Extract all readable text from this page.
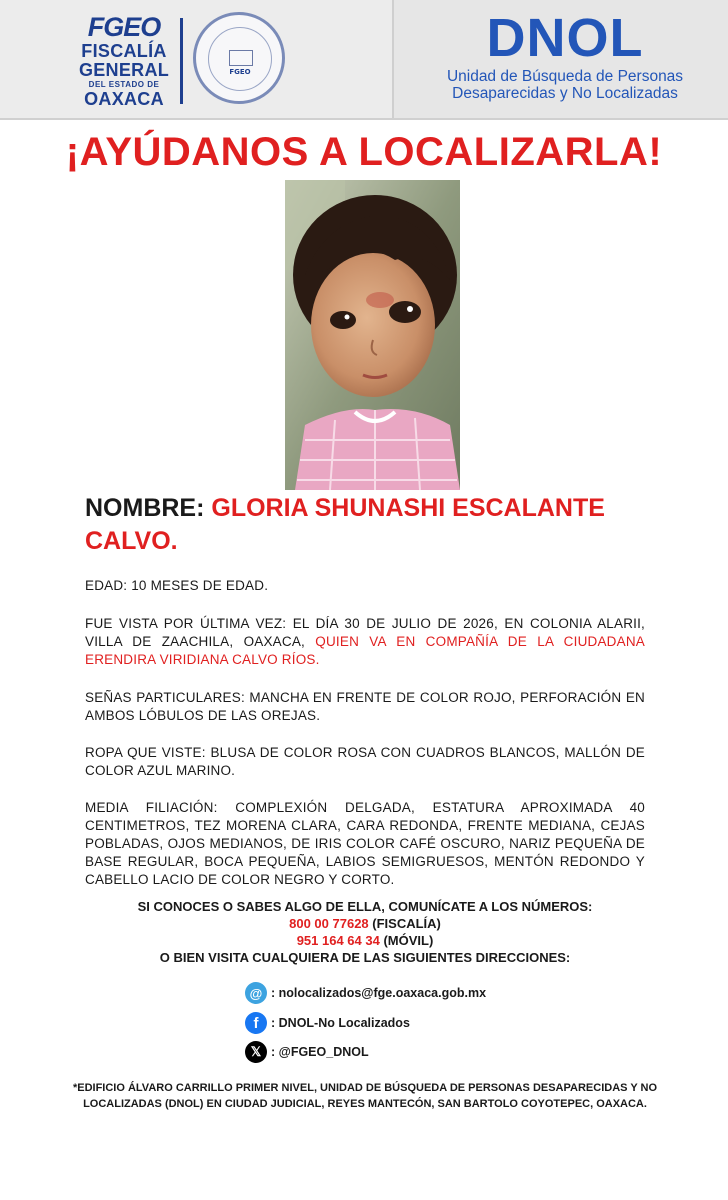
FGEO
FISCALÍA
GENERAL
DEL ESTADO DE
OAXACA
FGEO
DNOL
Unidad de Búsqueda de Personas
Desaparecidas y No Localizadas
¡AYÚDANOS A LOCALIZARLA!
NOMBRE: GLORIA SHUNASHI ESCALANTE CALVO.
EDAD: 10 MESES DE EDAD.
FUE VISTA POR ÚLTIMA VEZ: EL DÍA 30 DE JULIO DE 2026, EN COLONIA ALARII, VILLA DE ZAACHILA, OAXACA, QUIEN VA EN COMPAÑÍA DE LA CIUDADANA ERENDIRA VIRIDIANA CALVO RÍOS.
SEÑAS PARTICULARES: MANCHA EN FRENTE DE COLOR ROJO, PERFORACIÓN EN AMBOS LÓBULOS DE LAS OREJAS.
ROPA QUE VISTE: BLUSA DE COLOR ROSA CON CUADROS BLANCOS, MALLÓN DE COLOR AZUL MARINO.
MEDIA FILIACIÓN: COMPLEXIÓN DELGADA, ESTATURA APROXIMADA 40 CENTIMETROS, TEZ MORENA CLARA, CARA REDONDA, FRENTE MEDIANA, CEJAS POBLADAS, OJOS MEDIANOS, DE IRIS COLOR CAFÉ OSCURO, NARIZ PEQUEÑA DE BASE REGULAR, BOCA PEQUEÑA, LABIOS SEMIGRUESOS, MENTÓN REDONDO Y CABELLO LACIO DE COLOR NEGRO Y CORTO.
SI CONOCES O SABES ALGO DE ELLA, COMUNÍCATE A LOS NÚMEROS:
800 00 77628 (FISCALÍA)
951 164 64 34 (MÓVIL)
O BIEN VISITA CUALQUIERA DE LAS SIGUIENTES DIRECCIONES:
@ : nolocalizados@fge.oaxaca.gob.mx
f	: DNOL-No Localizados
𝕏 : @FGEO_DNOL
*EDIFICIO ÁLVARO CARRILLO PRIMER NIVEL, UNIDAD DE BÚSQUEDA DE PERSONAS DESAPARECIDAS Y NO LOCALIZADAS (DNOL) EN CIUDAD JUDICIAL, REYES MANTECÓN, SAN BARTOLO COYOTEPEC, OAXACA.
